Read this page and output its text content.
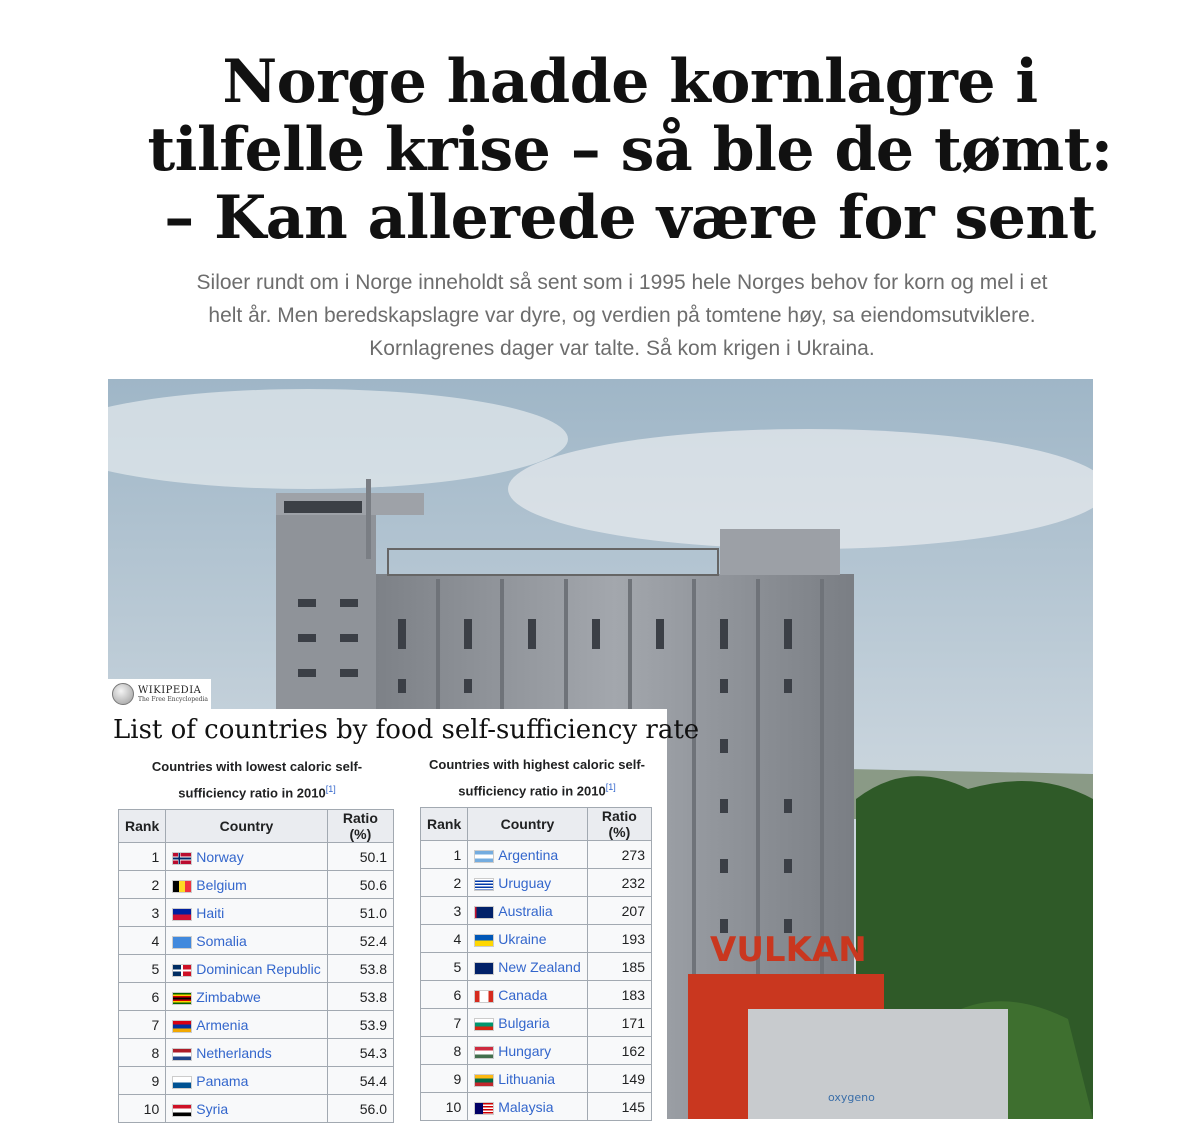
Norge hadde kornlagre i
tilfelle krise – så ble de tømt:
– Kan allerede være for sent
Siloer rundt om i Norge inneholdt så sent som i 1995 hele Norges behov for korn og mel i et
helt år. Men beredskapslagre var dyre, og verdien på tomtene høy, sa eiendomsutviklere.
Kornlagrenes dager var talte. Så kom krigen i Ukraina.
VULKAN
oxygeno
WIKIPEDIA
The Free Encyclopedia
List of countries by food self-sufficiency rate
Countries with lowest caloric self-
sufficiency ratio in 2010[1]
Rank	Country	Ratio (%)
1	Norway	50.1
2	Belgium	50.6
3	Haiti	51.0
4	Somalia	52.4
5	Dominican Republic	53.8
6	Zimbabwe	53.8
7	Armenia	53.9
8	Netherlands	54.3
9	Panama	54.4
10	Syria	56.0
Countries with highest caloric self-
sufficiency ratio in 2010[1]
Rank	Country	Ratio (%)
1	Argentina	273
2	Uruguay	232
3	Australia	207
4	Ukraine	193
5	New Zealand	185
6	Canada	183
7	Bulgaria	171
8	Hungary	162
9	Lithuania	149
10	Malaysia	145
